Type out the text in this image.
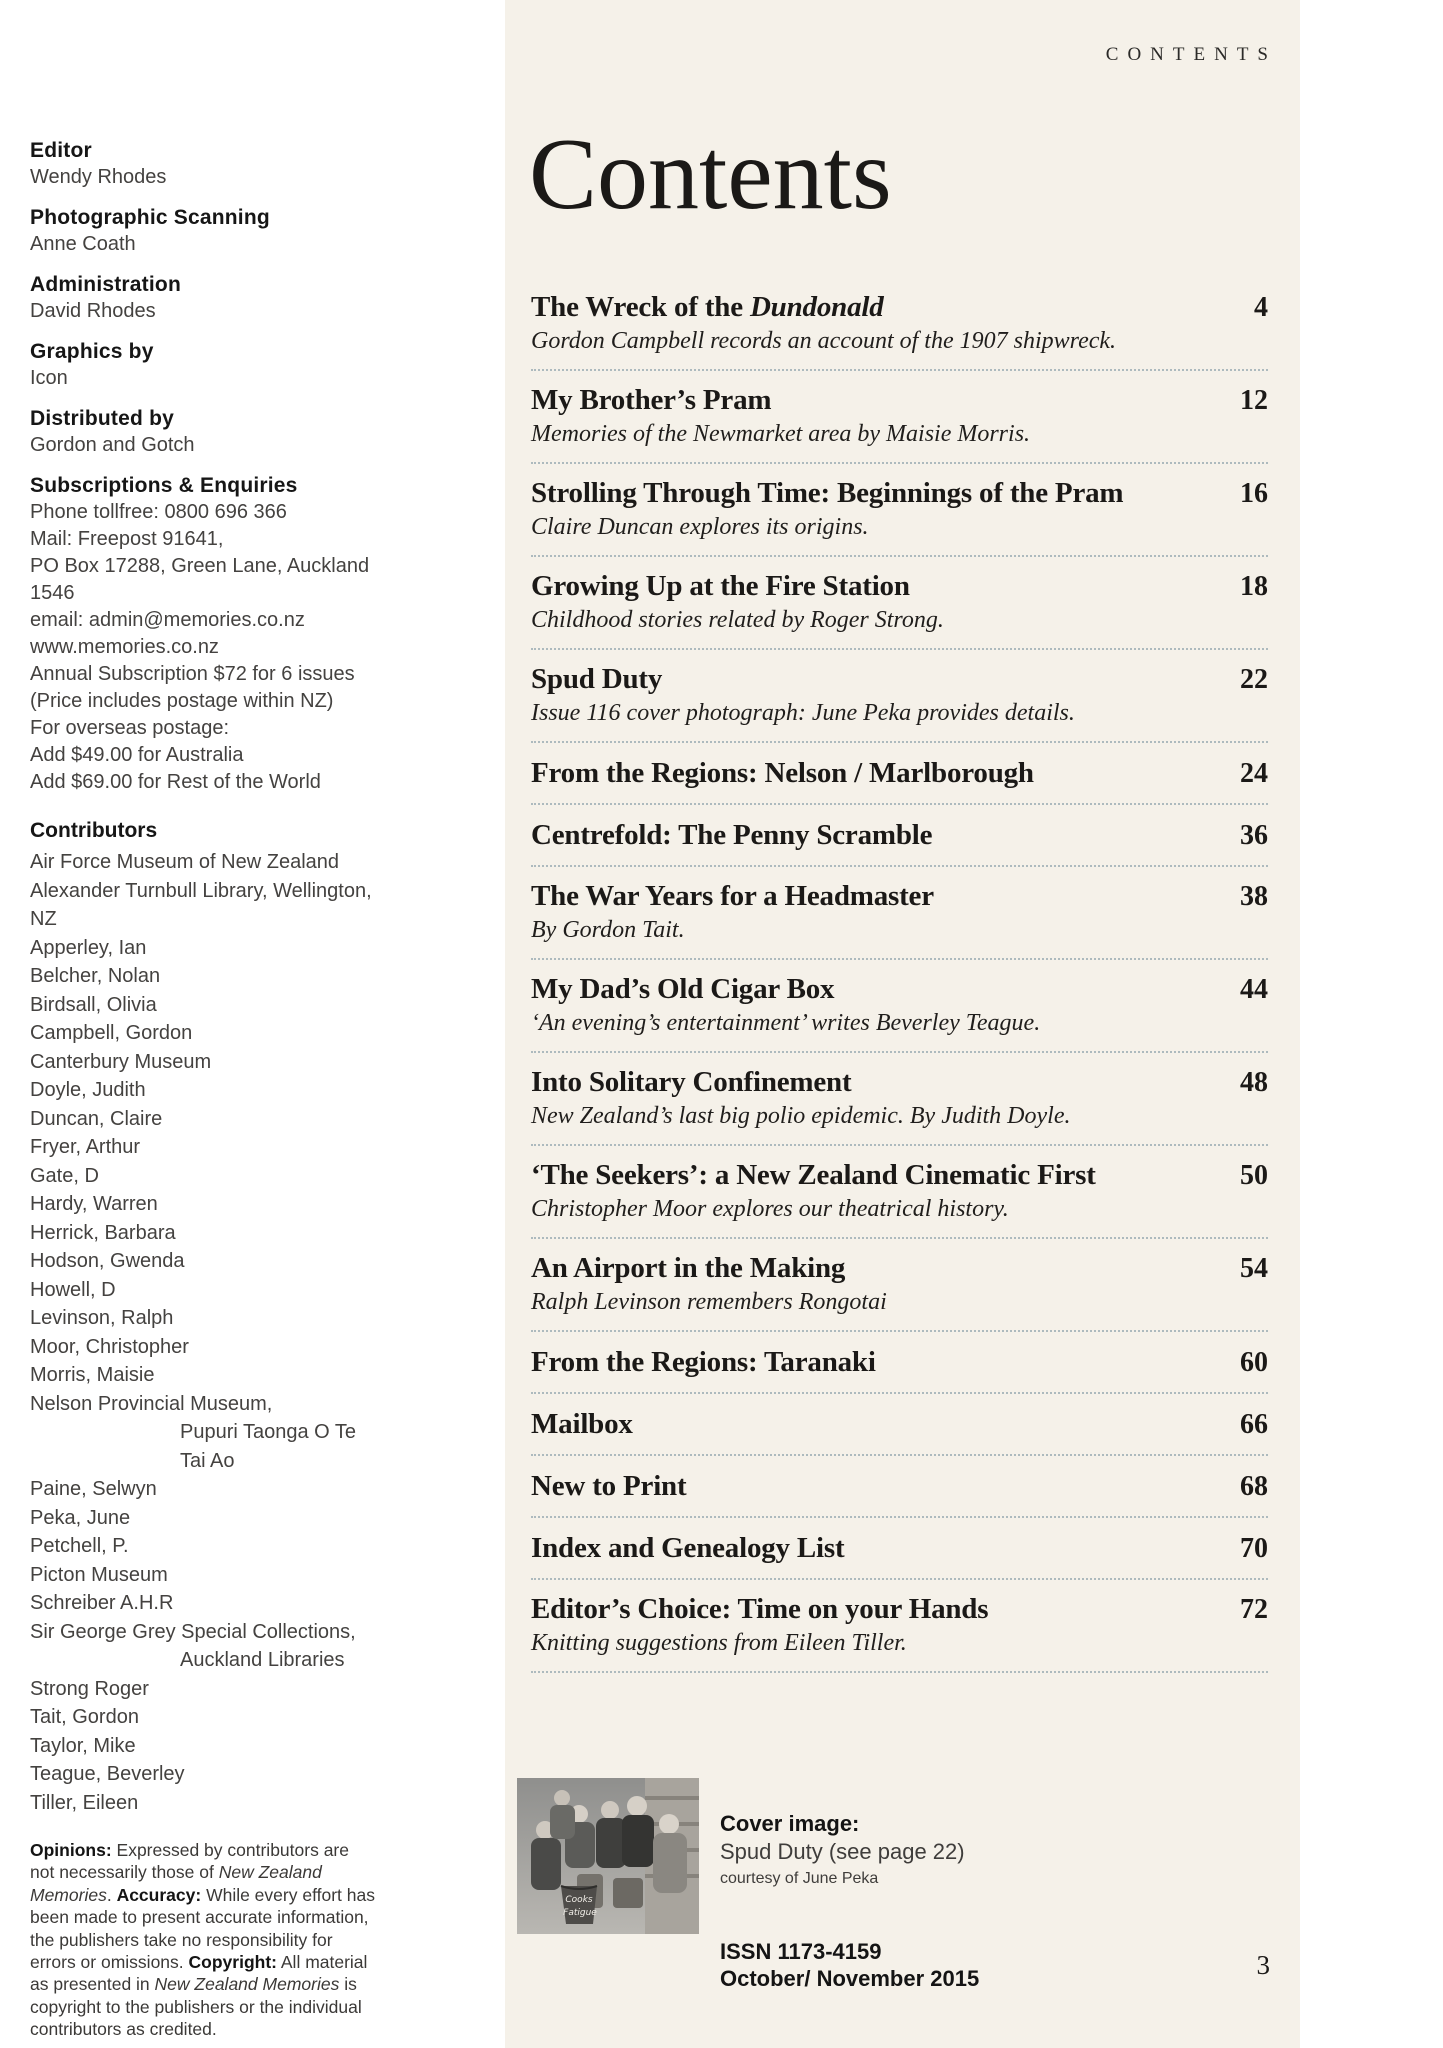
Editor
Wendy Rhodes
Photographic Scanning
Anne Coath
Administration
David Rhodes
Graphics by
Icon
Distributed by
Gordon and Gotch
Subscriptions & Enquiries
Phone tollfree: 0800 696 366
Mail: Freepost 91641,
PO Box 17288, Green Lane, Auckland 1546
email: admin@memories.co.nz
www.memories.co.nz
Annual Subscription $72 for 6 issues
(Price includes postage within NZ)
For overseas postage:
Add $49.00 for Australia
Add $69.00 for Rest of the World
Contributors
Air Force Museum of New Zealand
Alexander Turnbull Library, Wellington, NZ
Apperley, Ian
Belcher, Nolan
Birdsall, Olivia
Campbell, Gordon
Canterbury Museum
Doyle, Judith
Duncan, Claire
Fryer, Arthur
Gate, D
Hardy, Warren
Herrick, Barbara
Hodson, Gwenda
Howell, D
Levinson, Ralph
Moor, Christopher
Morris, Maisie
Nelson Provincial Museum,
Pupuri Taonga O Te Tai Ao
Paine, Selwyn
Peka, June
Petchell, P.
Picton Museum
Schreiber A.H.R
Sir George Grey Special Collections,
Auckland Libraries
Strong Roger
Tait, Gordon
Taylor, Mike
Teague, Beverley
Tiller, Eileen
Opinions: Expressed by contributors are not necessarily those of New Zealand Memories. Accuracy: While every effort has been made to present accurate information, the publishers take no responsibility for errors or omissions. Copyright: All material as presented in New Zealand Memories is copyright to the publishers or the individual contributors as credited.
CONTENTS
Contents
The Wreck of the Dundonald	4
Gordon Campbell records an account of the 1907 shipwreck.
My Brother’s Pram	12
Memories of the Newmarket area by Maisie Morris.
Strolling Through Time: Beginnings of the Pram	16
Claire Duncan explores its origins.
Growing Up at the Fire Station	18
Childhood stories related by Roger Strong.
Spud Duty	22
Issue 116 cover photograph: June Peka provides details.
From the Regions: Nelson / Marlborough	24
Centrefold: The Penny Scramble	36
The War Years for a Headmaster	38
By Gordon Tait.
My Dad’s Old Cigar Box	44
‘An evening’s entertainment’ writes Beverley Teague.
Into Solitary Confinement	48
New Zealand’s last big polio epidemic. By Judith Doyle.
‘The Seekers’: a New Zealand Cinematic First	50
Christopher Moor explores our theatrical history.
An Airport in the Making	54
Ralph Levinson remembers Rongotai
From the Regions: Taranaki	60
Mailbox	66
New to Print	68
Index and Genealogy List	70
Editor’s Choice: Time on your Hands	72
Knitting suggestions from Eileen Tiller.
Cooks
Fatigue
Cover image:
Spud Duty (see page 22)
courtesy of June Peka
ISSN 1173-4159
October/ November 2015	3
